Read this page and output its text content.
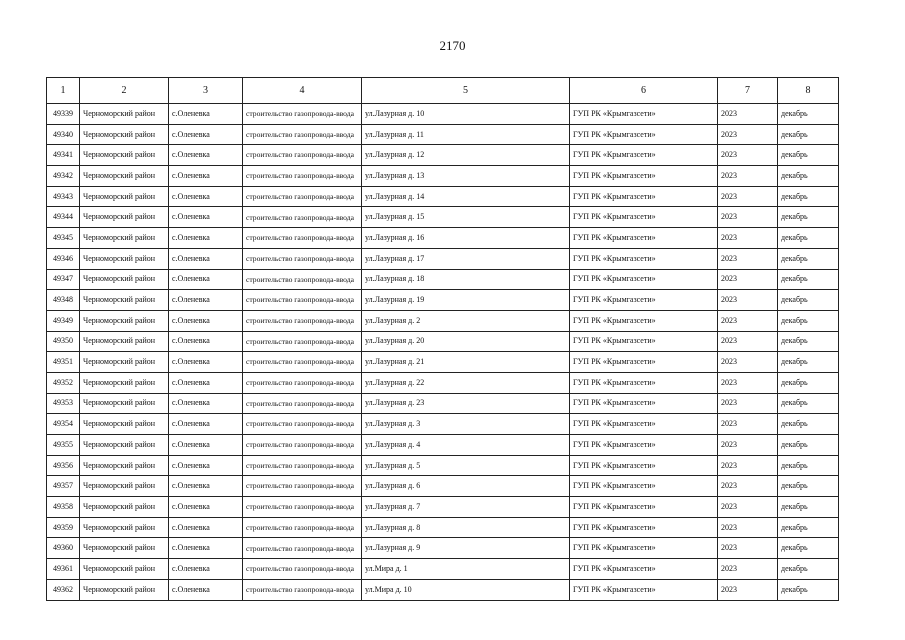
2170
1	2	3	4	5	6	7	8
49339	Черноморский район	с.Оленевка	строительство газопровода-ввода	ул.Лазурная д. 10	ГУП РК «Крымгазсети»	2023	декабрь
49340	Черноморский район	с.Оленевка	строительство газопровода-ввода	ул.Лазурная д. 11	ГУП РК «Крымгазсети»	2023	декабрь
49341	Черноморский район	с.Оленевка	строительство газопровода-ввода	ул.Лазурная д. 12	ГУП РК «Крымгазсети»	2023	декабрь
49342	Черноморский район	с.Оленевка	строительство газопровода-ввода	ул.Лазурная д. 13	ГУП РК «Крымгазсети»	2023	декабрь
49343	Черноморский район	с.Оленевка	строительство газопровода-ввода	ул.Лазурная д. 14	ГУП РК «Крымгазсети»	2023	декабрь
49344	Черноморский район	с.Оленевка	строительство газопровода-ввода	ул.Лазурная д. 15	ГУП РК «Крымгазсети»	2023	декабрь
49345	Черноморский район	с.Оленевка	строительство газопровода-ввода	ул.Лазурная д. 16	ГУП РК «Крымгазсети»	2023	декабрь
49346	Черноморский район	с.Оленевка	строительство газопровода-ввода	ул.Лазурная д. 17	ГУП РК «Крымгазсети»	2023	декабрь
49347	Черноморский район	с.Оленевка	строительство газопровода-ввода	ул.Лазурная д. 18	ГУП РК «Крымгазсети»	2023	декабрь
49348	Черноморский район	с.Оленевка	строительство газопровода-ввода	ул.Лазурная д. 19	ГУП РК «Крымгазсети»	2023	декабрь
49349	Черноморский район	с.Оленевка	строительство газопровода-ввода	ул.Лазурная д. 2	ГУП РК «Крымгазсети»	2023	декабрь
49350	Черноморский район	с.Оленевка	строительство газопровода-ввода	ул.Лазурная д. 20	ГУП РК «Крымгазсети»	2023	декабрь
49351	Черноморский район	с.Оленевка	строительство газопровода-ввода	ул.Лазурная д. 21	ГУП РК «Крымгазсети»	2023	декабрь
49352	Черноморский район	с.Оленевка	строительство газопровода-ввода	ул.Лазурная д. 22	ГУП РК «Крымгазсети»	2023	декабрь
49353	Черноморский район	с.Оленевка	строительство газопровода-ввода	ул.Лазурная д. 23	ГУП РК «Крымгазсети»	2023	декабрь
49354	Черноморский район	с.Оленевка	строительство газопровода-ввода	ул.Лазурная д. 3	ГУП РК «Крымгазсети»	2023	декабрь
49355	Черноморский район	с.Оленевка	строительство газопровода-ввода	ул.Лазурная д. 4	ГУП РК «Крымгазсети»	2023	декабрь
49356	Черноморский район	с.Оленевка	строительство газопровода-ввода	ул.Лазурная д. 5	ГУП РК «Крымгазсети»	2023	декабрь
49357	Черноморский район	с.Оленевка	строительство газопровода-ввода	ул.Лазурная д. 6	ГУП РК «Крымгазсети»	2023	декабрь
49358	Черноморский район	с.Оленевка	строительство газопровода-ввода	ул.Лазурная д. 7	ГУП РК «Крымгазсети»	2023	декабрь
49359	Черноморский район	с.Оленевка	строительство газопровода-ввода	ул.Лазурная д. 8	ГУП РК «Крымгазсети»	2023	декабрь
49360	Черноморский район	с.Оленевка	строительство газопровода-ввода	ул.Лазурная д. 9	ГУП РК «Крымгазсети»	2023	декабрь
49361	Черноморский район	с.Оленевка	строительство газопровода-ввода	ул.Мира д. 1	ГУП РК «Крымгазсети»	2023	декабрь
49362	Черноморский район	с.Оленевка	строительство газопровода-ввода	ул.Мира д. 10	ГУП РК «Крымгазсети»	2023	декабрь
